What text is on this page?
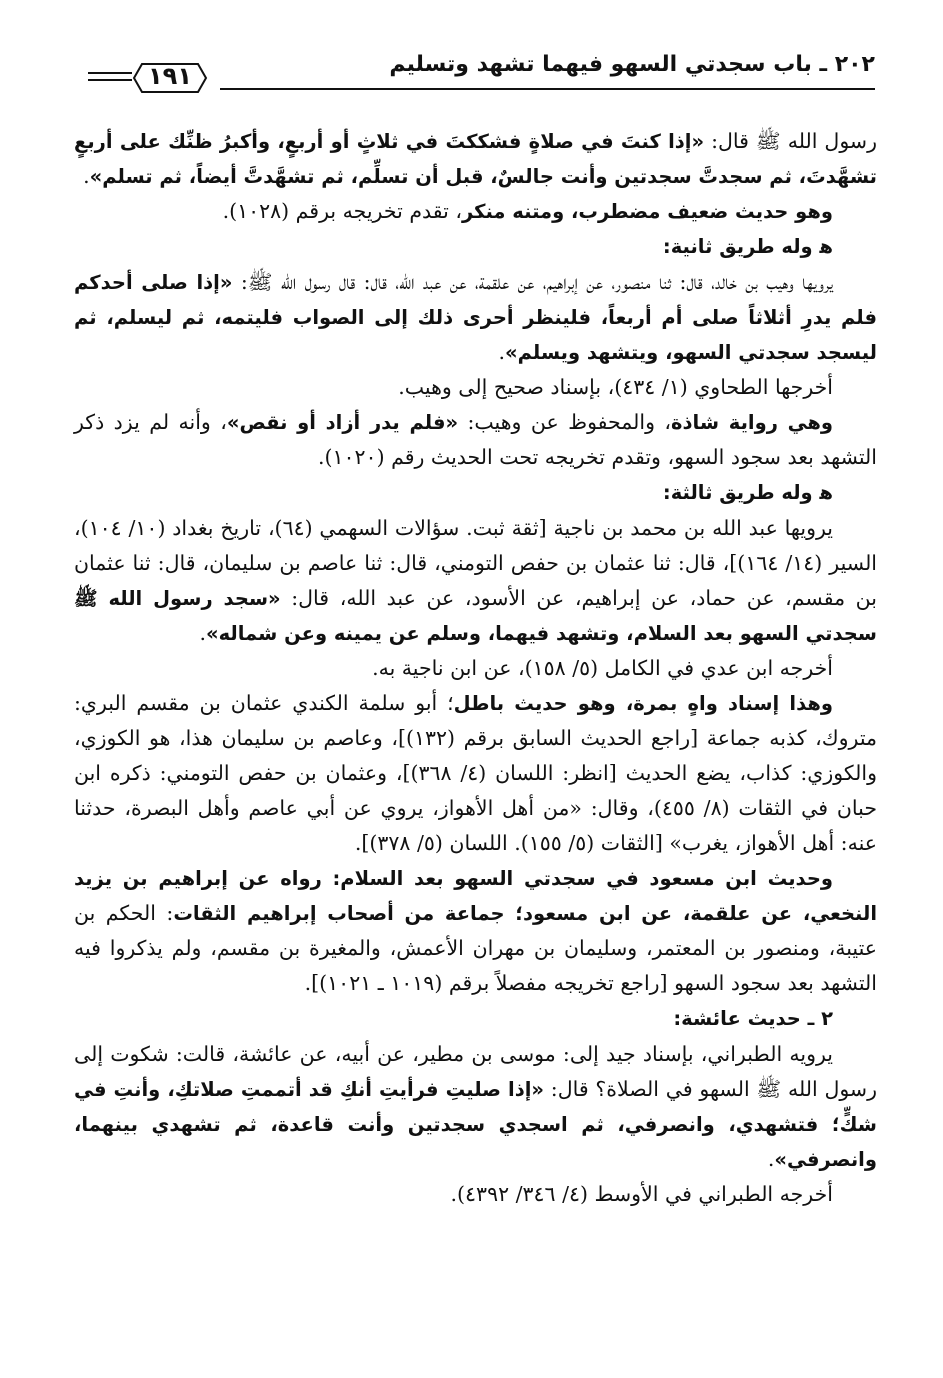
٢٠٢ ـ باب سجدتي السهو فيهما تشهد وتسليم
١٩١

رسول الله ﷺ قال: «إذا كنتَ في صلاةٍ فشككتَ في ثلاثٍ أو أربعٍ، وأكبرُ ظنِّك على أربعٍ تشهَّدتَ، ثم سجدتَّ سجدتين وأنت جالسٌ، قبل أن تسلِّم، ثم تشهَّدتَّ أيضاً، ثم تسلم».

وهو حديث ضعيف مضطرب، ومتنه منكر، تقدم تخريجه برقم (١٠٢٨).

ﻫ وله طريق ثانية:

يرويها وهيب بن خالد، قال: ثنا منصور، عن إبراهيم، عن علقمة، عن عبد الله، قال: قال رسول الله ﷺ: «إذا صلى أحدكم فلم يدرِ أثلاثاً صلى أم أربعاً، فلينظر أحرى ذلك إلى الصواب فليتمه، ثم ليسلم، ثم ليسجد سجدتي السهو، ويتشهد ويسلم».

أخرجها الطحاوي (١/ ٤٣٤)، بإسناد صحيح إلى وهيب.

وهي رواية شاذة، والمحفوظ عن وهيب: «فلم يدر أزاد أو نقص»، وأنه لم يزد ذكر التشهد بعد سجود السهو، وتقدم تخريجه تحت الحديث رقم (١٠٢٠).

ﻫ وله طريق ثالثة:

يرويها عبد الله بن محمد بن ناجية [ثقة ثبت. سؤالات السهمي (٦٤)، تاريخ بغداد (١٠/ ١٠٤)، السير (١٤/ ١٦٤)]، قال: ثنا عثمان بن حفص التومني، قال: ثنا عاصم بن سليمان، قال: ثنا عثمان بن مقسم، عن حماد، عن إبراهيم، عن الأسود، عن عبد الله، قال: «سجد رسول الله ﷺ سجدتي السهو بعد السلام، وتشهد فيهما، وسلم عن يمينه وعن شماله».

أخرجه ابن عدي في الكامل (٥/ ١٥٨)، عن ابن ناجية به.

وهذا إسناد واهٍ بمرة، وهو حديث باطل؛ أبو سلمة الكندي عثمان بن مقسم البري: متروك، كذبه جماعة [راجع الحديث السابق برقم (١٣٢)]، وعاصم بن سليمان هذا، هو الكوزي، والكوزي: كذاب، يضع الحديث [انظر: اللسان (٤/ ٣٦٨)]، وعثمان بن حفص التومني: ذكره ابن حبان في الثقات (٨/ ٤٥٥)، وقال: «من أهل الأهواز، يروي عن أبي عاصم وأهل البصرة، حدثنا عنه: أهل الأهواز، يغرب» [الثقات (٥/ ١٥٥). اللسان (٥/ ٣٧٨)].

وحديث ابن مسعود في سجدتي السهو بعد السلام: رواه عن إبراهيم بن يزيد النخعي، عن علقمة، عن ابن مسعود؛ جماعة من أصحاب إبراهيم الثقات: الحكم بن عتيبة، ومنصور بن المعتمر، وسليمان بن مهران الأعمش، والمغيرة بن مقسم، ولم يذكروا فيه التشهد بعد سجود السهو [راجع تخريجه مفصلاً برقم (١٠١٩ ـ ١٠٢١)].

٢ ـ حديث عائشة:

يرويه الطبراني، بإسناد جيد إلى: موسى بن مطير، عن أبيه، عن عائشة، قالت: شكوت إلى رسول الله ﷺ السهو في الصلاة؟ قال: «إذا صليتِ فرأيتِ أنكِ قد أتممتِ صلاتكِ، وأنتِ في شكٍّ؛ فتشهدي، وانصرفي، ثم اسجدي سجدتين وأنت قاعدة، ثم تشهدي بينهما، وانصرفي».

أخرجه الطبراني في الأوسط (٤/ ٣٤٦/ ٤٣٩٢).
